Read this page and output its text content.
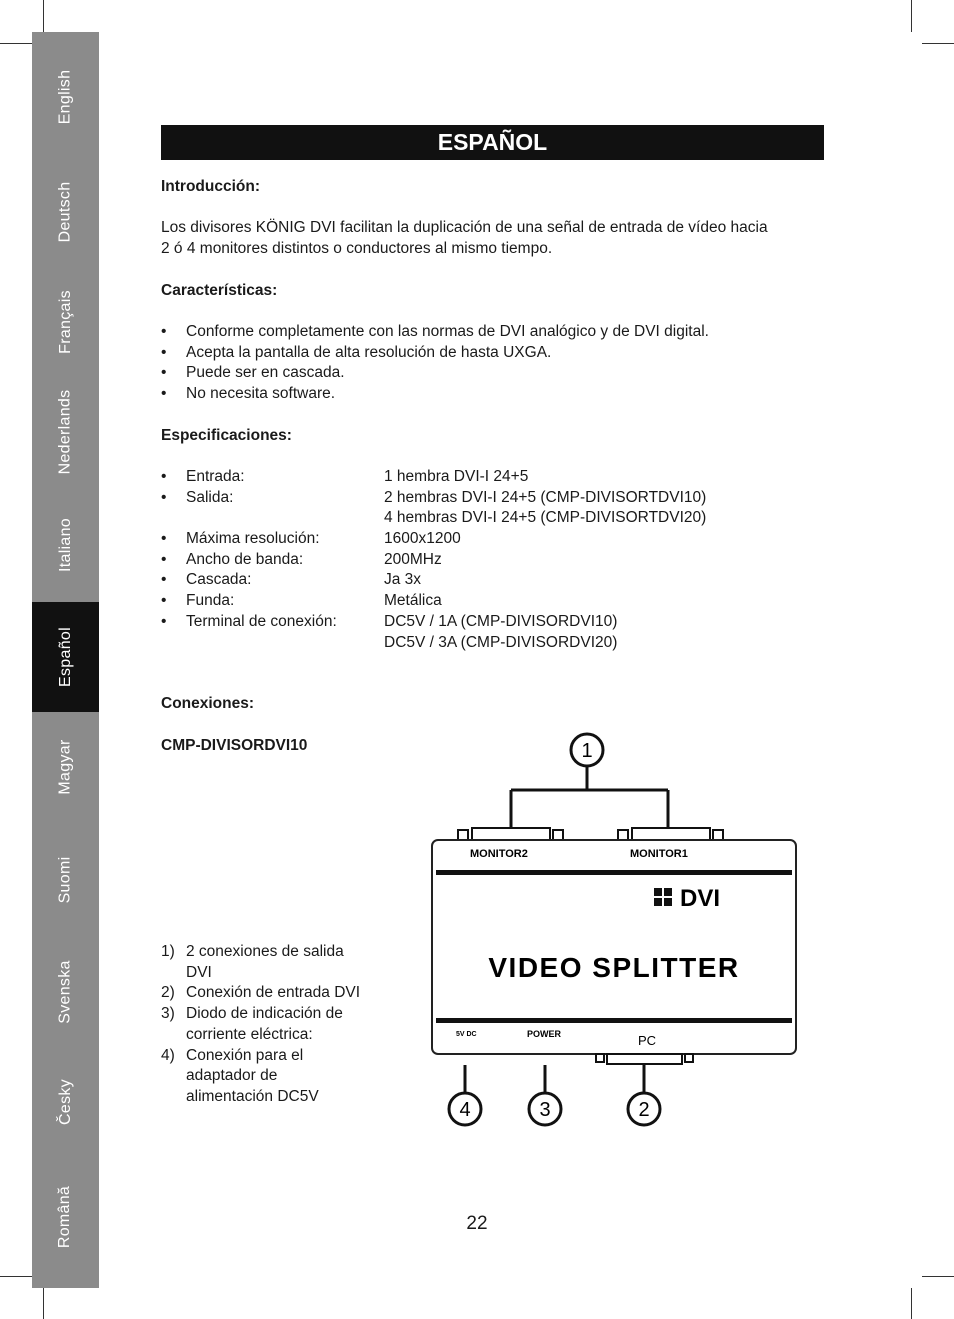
English
Deutsch
Français
Nederlands
Italiano
Español
Magyar
Suomi
Svenska
Česky
Română
ESPAÑOL

Introducción:

Los divisores KÖNIG DVI facilitan la duplicación de una señal de entrada de vídeo hacia

2 ó 4 monitores distintos o conductores al mismo tiempo.

Características:

• Conforme completamente con las normas de DVI analógico y de DVI digital.
• Acepta la pantalla de alta resolución de hasta UXGA.
• Puede ser en cascada.
• No necesita software.

Especificaciones:

• Entrada:	1 hembra DVI-I 24+5
• Salida:	2 hembras DVI-I 24+5 (CMP-DIVISORTDVI10)
4 hembras DVI-I 24+5 (CMP-DIVISORTDVI20)
• Máxima resolución:	1600x1200
• Ancho de banda:	200MHz
• Cascada:	Ja 3x
• Funda:	Metálica
• Terminal de conexión:	DC5V / 1A (CMP-DIVISORDVI10)
DC5V / 3A (CMP-DIVISORDVI20)

Conexiones:

CMP-DIVISORDVI10

1) 2 conexiones de salida DVI
2) Conexión de entrada DVI
3) Diodo de indicación de corriente eléctrica:
4) Conexión para el adaptador de alimentación DC5V
1
MONITOR2	MONITOR1
DVI
VIDEO SPLITTER
5V DC	POWER	PC
4	3	2
22
